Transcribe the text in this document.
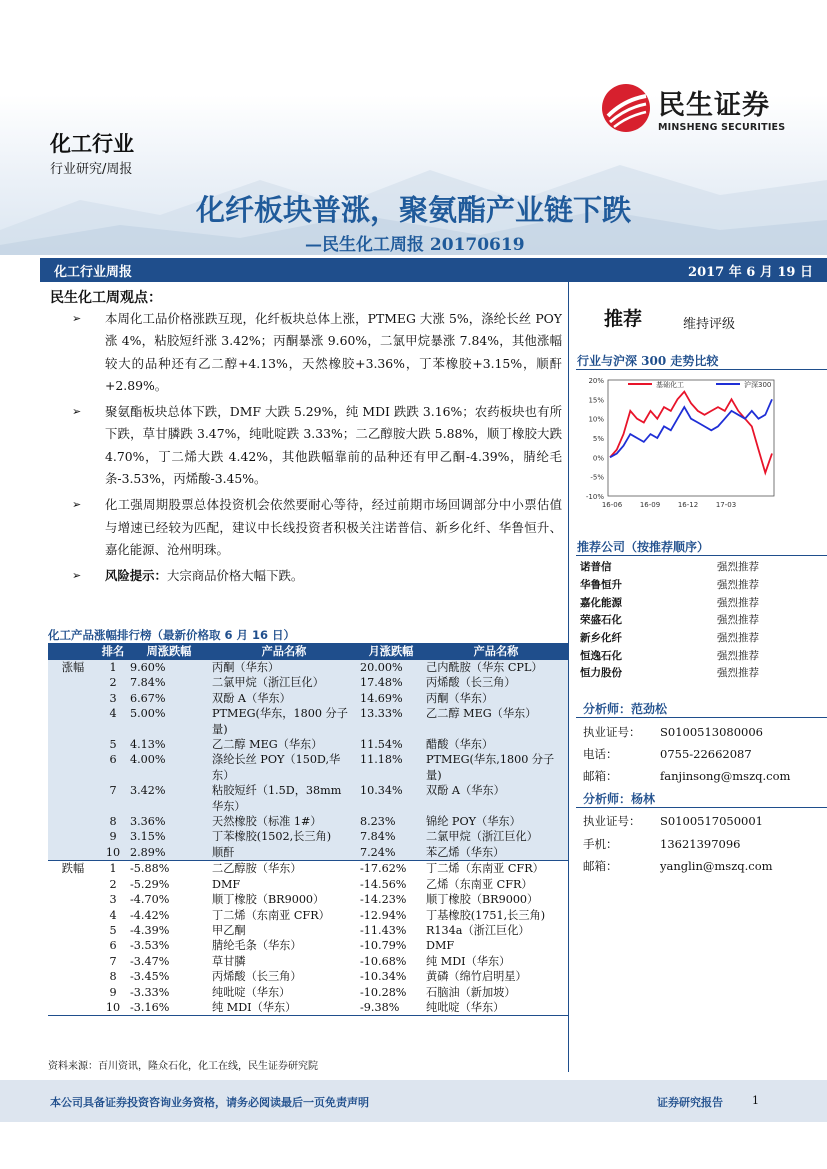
民生证券
MINSHENG SECURITIES
化工行业
行业研究/周报
化纤板块普涨，聚氨酯产业链下跌
—民生化工周报 20170619
化工行业周报	2017 年 6 月 19 日
民生化工周观点：
➢ 本周化工品价格涨跌互现，化纤板块总体上涨，PTMEG 大涨 5%，涤纶长丝 POY 涨 4%，粘胶短纤涨 3.42%；丙酮暴涨 9.60%，二氯甲烷暴涨 7.84%，其他涨幅较大的品种还有乙二醇+4.13%，天然橡胶+3.36%，丁苯橡胶+3.15%，顺酐+2.89%。
➢ 聚氨酯板块总体下跌，DMF 大跌 5.29%，纯 MDI 跌跌 3.16%；农药板块也有所下跌，草甘膦跌 3.47%，纯吡啶跌 3.33%；二乙醇胺大跌 5.88%，顺丁橡胶大跌 4.70%，丁二烯大跌 4.42%，其他跌幅靠前的品种还有甲乙酮-4.39%，腈纶毛条-3.53%，丙烯酸-3.45%。
➢ 化工强周期股票总体投资机会依然要耐心等待，经过前期市场回调部分中小票估值与增速已经较为匹配，建议中长线投资者积极关注诺普信、新乡化纤、华鲁恒升、嘉化能源、沧州明珠。
➢ 风险提示：大宗商品价格大幅下跌。
化工产品涨幅排行榜（最新价格取 6 月 16 日）
	排名	周涨跌幅	产品名称	月涨跌幅	产品名称
涨幅	1	9.60%	丙酮（华东）	20.00%	己内酰胺（华东 CPL）
	2	7.84%	二氯甲烷（浙江巨化）	17.48%	丙烯酸（长三角）
	3	6.67%	双酚 A（华东）	14.69%	丙酮（华东）
	4	5.00%	PTMEG(华东，1800 分子量)	13.33%	乙二醇 MEG（华东）
	5	4.13%	乙二醇 MEG（华东）	11.54%	醋酸（华东）
	6	4.00%	涤纶长丝 POY（150D,华东）	11.18%	PTMEG(华东,1800 分子量)
	7	3.42%	粘胶短纤（1.5D，38mm 华东）	10.34%	双酚 A（华东）
	8	3.36%	天然橡胶（标准 1#）	8.23%	锦纶 POY（华东）
	9	3.15%	丁苯橡胶(1502,长三角)	7.84%	二氯甲烷（浙江巨化）
	10	2.89%	顺酐	7.24%	苯乙烯（华东）
跌幅	1	-5.88%	二乙醇胺（华东）	-17.62%	丁二烯（东南亚 CFR）
	2	-5.29%	DMF	-14.56%	乙烯（东南亚 CFR）
	3	-4.70%	顺丁橡胶（BR9000）	-14.23%	顺丁橡胶（BR9000）
	4	-4.42%	丁二烯（东南亚 CFR）	-12.94%	丁基橡胶(1751,长三角)
	5	-4.39%	甲乙酮	-11.43%	R134a（浙江巨化）
	6	-3.53%	腈纶毛条（华东）	-10.79%	DMF
	7	-3.47%	草甘膦	-10.68%	纯 MDI（华东）
	8	-3.45%	丙烯酸（长三角）	-10.34%	黄磷（绵竹启明星）
	9	-3.33%	纯吡啶（华东）	-10.28%	石脑油（新加坡）
	10	-3.16%	纯 MDI（华东）	-9.38%	纯吡啶（华东）
资料来源：百川资讯，隆众石化，化工在线，民生证券研究院
推荐	维持评级
行业与沪深 300 走势比较
20%
15%
10%
5%
0%
-5%
-10%
16-06	16-09	16-12	17-03
基础化工	沪深300
推荐公司（按推荐顺序）
诺普信	强烈推荐
华鲁恒升	强烈推荐
嘉化能源	强烈推荐
荣盛石化	强烈推荐
新乡化纤	强烈推荐
恒逸石化	强烈推荐
恒力股份	强烈推荐
分析师：范劲松
执业证号： S0100513080006
电话：	0755-22662087
邮箱：	fanjinsong@mszq.com
分析师：杨林
执业证号： S0100517050001
手机：	13621397096
邮箱：	yanglin@mszq.com
本公司具备证券投资咨询业务资格，请务必阅读最后一页免责声明	证券研究报告	1
